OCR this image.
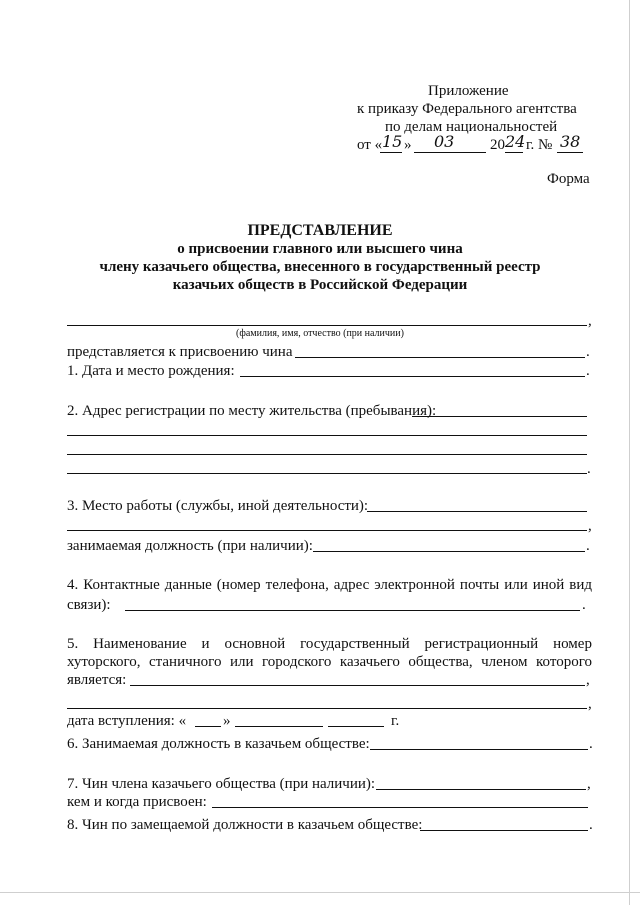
Приложение
к приказу Федерального агентства
по делам национальностей
от « 15 » 03 20 24 г. № 38
Форма
ПРЕДСТАВЛЕНИЕ
о присвоении главного или высшего чина
члену казачьего общества, внесенного в государственный реестр
казачьих обществ в Российской Федерации
,
(фамилия, имя, отчество (при наличии)
представляется к присвоению чина	.
1. Дата и место рождения:	.
2. Адрес регистрации по месту жительства (пребывания):
.
3. Место работы (службы, иной деятельности):
,
занимаемая должность (при наличии):	.
4. Контактные данные (номер телефона, адрес электронной почты или иной вид
связи):	.
5. Наименование и основной государственный регистрационный номер
хуторского, станичного или городского казачьего общества, членом которого
является:	,
,
дата вступления: « »	г.
6. Занимаемая должность в казачьем обществе:	.
7. Чин члена казачьего общества (при наличии):	,
кем и когда присвоен:
8. Чин по замещаемой должности в казачьем обществе:	.
